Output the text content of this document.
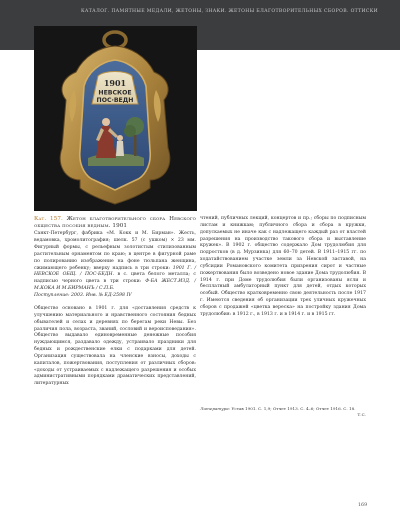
КАТАЛОГ. ПАМЯТНЫЕ МЕДАЛИ, ЖЕТОНЫ, ЗНАКИ. ЖЕТОНЫ БЛАГОТВОРИТЕЛЬНЫХ СБОРОВ. ОТТИСКИ
1901
НЕВСКОЕ
ПОС·ВЕДН
Кат. 157. Жетон благотворительного сбора Невского общества пособия ведным. 1901
Санкт-Петербург, фабрика «М. Кокк и М. Бирман». Жесть, ведамовка, хромолитография; шелк. 57 (с ушком) × 23 мм. Фигурный формы, с рельефным золотистым стилизованным растительным орнаментом по краю; в центре в фигурной раме по полированию изображение на фоне тюльпана женщина, сжимающего ребенку; вверху надпись в три строки: 1901 Г. / НЕВСКОЕ ОБЩ. / ПОС-БЕДН. в с. цвета белого металла; с надписью черного цвета в три строки: Ф-БА ЖЕСТ.ИЗД. / М.КОКА И М.БИРМАНЪ / С.П.Б.
Поступление: 2003. Инв. № ЕД-2598 IV

Общество основано в 1901 г. для «доставления средств к улучшению материального и нравственного состояния бедных обывателей и селах и деревнях по берегам реки Невы. Без различия пола, возраста, званий, сословий и вероисповедания». Общество выдавало единовременные денежные пособия нуждающимся, раздавало одежду, устраивало праздники для бедных и рождественские елки с подарками для детей. Организация существовала на членские взносы, доходы с капиталов, пожертвования, поступления от различных сборов: «доходы от устраиваемых с надлежащего разрешения и особых административными порядками драматических представлений, литературных

чтений, публичных лекций, концертов и пр.; сборы по подписным листам и книжкам; публичного сбора и сбора в кружки, допускаемых не иначе как с надлежащего каждый раз от властей разрешения на производство такового сбора и выставление кружек». В 1902 г. общество содержало Дом трудолюбия для подростков (в д. Мурзинка) для 60–70 детей. В 1911–1915 гг. по ходатайствованием участке земли за Невской заставой, на субсидии Романовского комитета призрения сирот и частные пожертвования было возведено новое здание Дома трудолюбия. В 1914 г. при Доме трудолюбия были организованы ясли и бесплатный амбулаторный пункт для детей, отдых которых особый. Общество кратковременно свою деятельность после 1917 г. Имеются сведения об организации трех уличных кружечных сборов с продажей «цветка вереска» на постройку здания Дома трудолюбия: в 1912 г., в 1913 г. и в 1914 г. и в 1915 гг.

Литература: Устав 1901. С. 1,9; Отчет 1913. С. 4–6; Отчет 1916. С. 18.
Т.С.
169
